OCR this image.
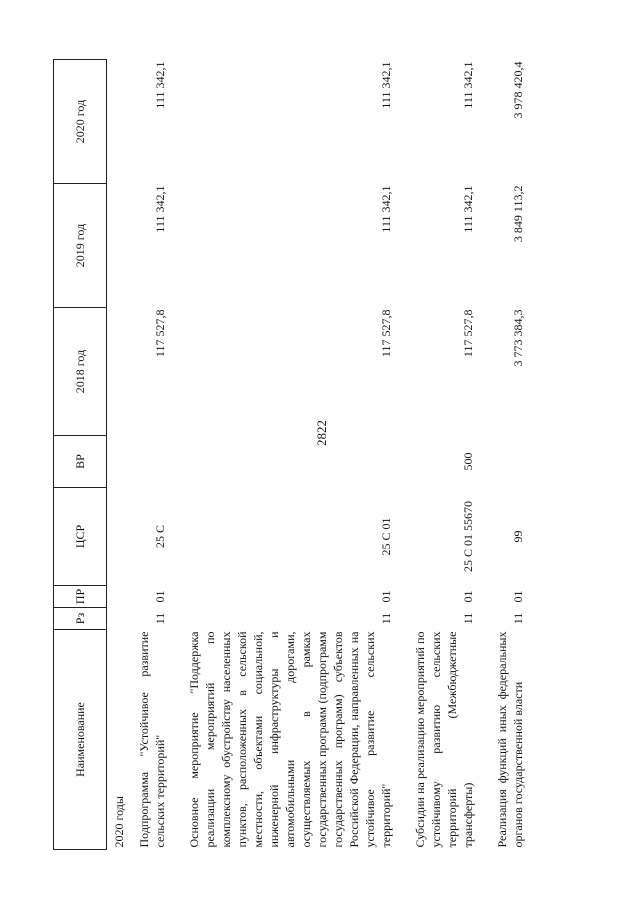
2822
Наименование	Рз	ПР	ЦСР	ВР	2018 год	2019 год	2020 год
2020 годы							
Подпрограмма "Устойчивое развитие сельских территорий"	11	01	25 С		117 527,8	111 342,1	111 342,1

Основное мероприятие "Поддержка реализации мероприятий по комплексному обустройству населенных пунктов, расположенных в сельской местности, объектами социальной, инженерной инфраструктуры и автомобильными дорогами, осуществляемых в рамках государственных программ (подпрограмм государственных программ) субъектов Российской Федерации, направленных на устойчивое развитие сельских территорий"	11	01	25 С 01		117 527,8	111 342,1	111 342,1

Субсидии на реализацию мероприятий по устойчивому развитию сельских территорий (Межбюджетные трансферты)	11	01	25 С 01 55670	500	117 527,8	111 342,1	111 342,1

Реализация функций иных федеральных органов государственной власти	11	01	99		3 773 384,3	3 849 113,2	3 978 420,4
